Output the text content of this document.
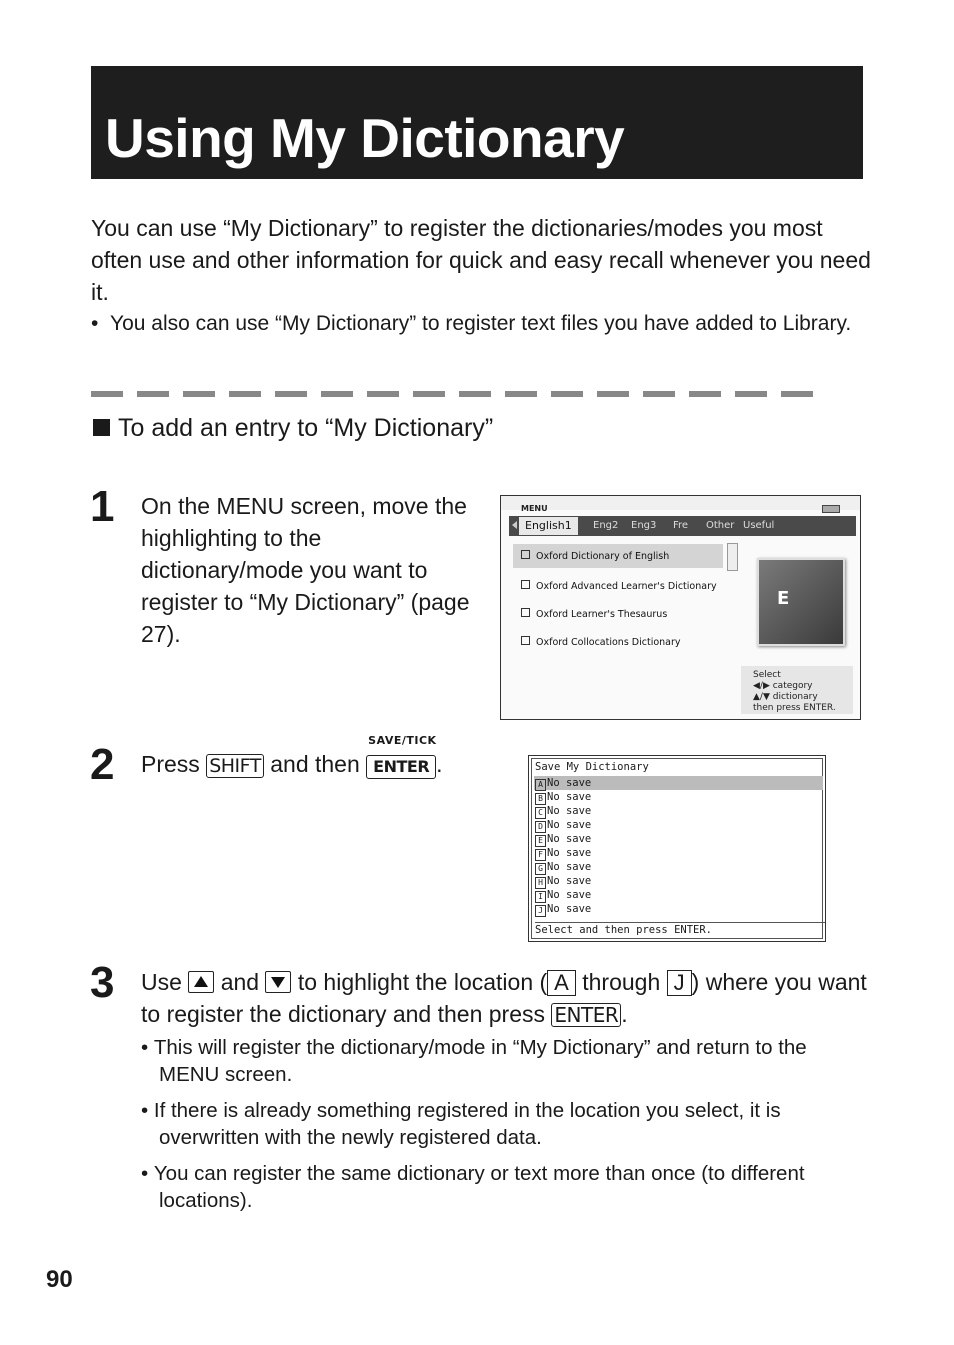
Using My Dictionary
You can use “My Dictionary” to register the dictionaries/modes you most often use and other information for quick and easy recall whenever you need it.
•  You also can use “My Dictionary” to register text files you have added to Library.
To add an entry to “My Dictionary”
1 On the MENU screen, move the highlighting to the dictionary/mode you want to register to “My Dictionary” (page 27).
MENU
English1	Eng2 Eng3 Fre Other Useful
Oxford Dictionary of English
Oxford Advanced Learner's Dictionary
Oxford Learner's Thesaurus
Oxford Collocations Dictionary
E
Select
◀/▶ category
▲/▼ dictionary
then press ENTER.
2 Press SHIFT and then
SAVE/TICK
ENTER .	Save My Dictionary
A No save
B No save
C No save
D No save
E No save
F No save
G No save
H No save
I No save
J No save
Select and then press ENTER.
3 Use and to highlight the location ( A through J ) where you want to register the dictionary and then press ENTER .
• This will register the dictionary/mode in “My Dictionary” and return to the MENU screen.
• If there is already something registered in the location you select, it is overwritten with the newly registered data.
• You can register the same dictionary or text more than once (to different locations).
90
